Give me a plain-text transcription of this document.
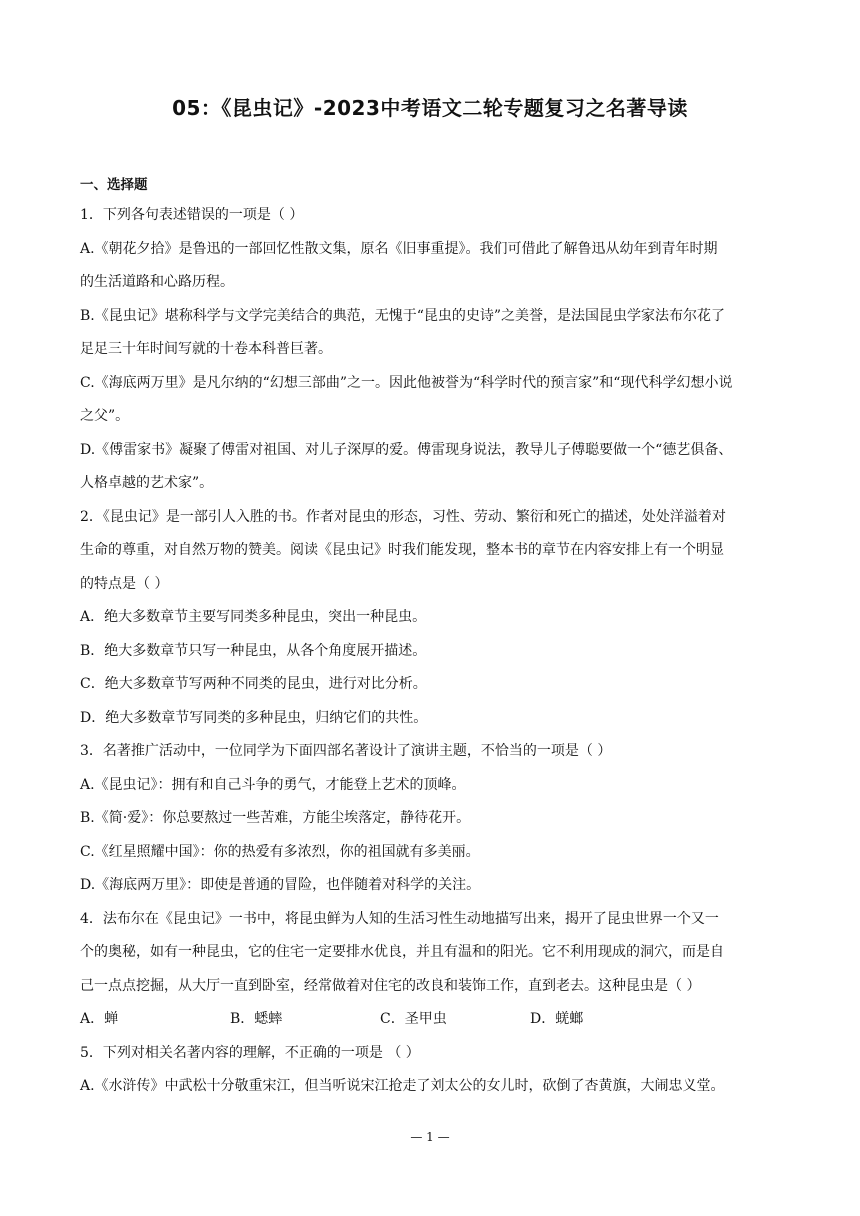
05：《昆虫记》-2023中考语文二轮专题复习之名著导读
一、选择题
1．下列各句表述错误的一项是（ ）
A.《朝花夕拾》是鲁迅的一部回忆性散文集，原名《旧事重提》。我们可借此了解鲁迅从幼年到青年时期
的生活道路和心路历程。
B.《昆虫记》堪称科学与文学完美结合的典范，无愧于“昆虫的史诗”之美誉，是法国昆虫学家法布尔花了
足足三十年时间写就的十卷本科普巨著。
C.《海底两万里》是凡尔纳的“幻想三部曲”之一。因此他被誉为“科学时代的预言家”和“现代科学幻想小说
之父”。
D.《傅雷家书》凝聚了傅雷对祖国、对儿子深厚的爱。傅雷现身说法，教导儿子傅聪要做一个“德艺俱备、
人格卓越的艺术家”。
2．《昆虫记》是一部引人入胜的书。作者对昆虫的形态，习性、劳动、繁衍和死亡的描述，处处洋溢着对
生命的尊重，对自然万物的赞美。阅读《昆虫记》时我们能发现，整本书的章节在内容安排上有一个明显
的特点是（ ）
A．绝大多数章节主要写同类多种昆虫，突出一种昆虫。
B．绝大多数章节只写一种昆虫，从各个角度展开描述。
C．绝大多数章节写两种不同类的昆虫，进行对比分析。
D．绝大多数章节写同类的多种昆虫，归纳它们的共性。
3．名著推广活动中，一位同学为下面四部名著设计了演讲主题，不恰当的一项是（ ）
A.《昆虫记》：拥有和自己斗争的勇气，才能登上艺术的顶峰。
B.《简·爱》：你总要熬过一些苦难，方能尘埃落定，静待花开。
C.《红星照耀中国》：你的热爱有多浓烈，你的祖国就有多美丽。
D.《海底两万里》：即使是普通的冒险，也伴随着对科学的关注。
4．法布尔在《昆虫记》一书中，将昆虫鲜为人知的生活习性生动地描写出来，揭开了昆虫世界一个又一
个的奥秘，如有一种昆虫，它的住宅一定要排水优良，并且有温和的阳光。它不利用现成的洞穴，而是自
己一点点挖掘，从大厅一直到卧室，经常做着对住宅的改良和装饰工作，直到老去。这种昆虫是（ ）
A．蝉	B．蟋蟀	C．圣甲虫	D．蜣螂
5．下列对相关名著内容的理解，不正确的一项是 （ ）
A.《水浒传》中武松十分敬重宋江，但当听说宋江抢走了刘太公的女儿时，砍倒了杏黄旗，大闹忠义堂。
— 1 —
